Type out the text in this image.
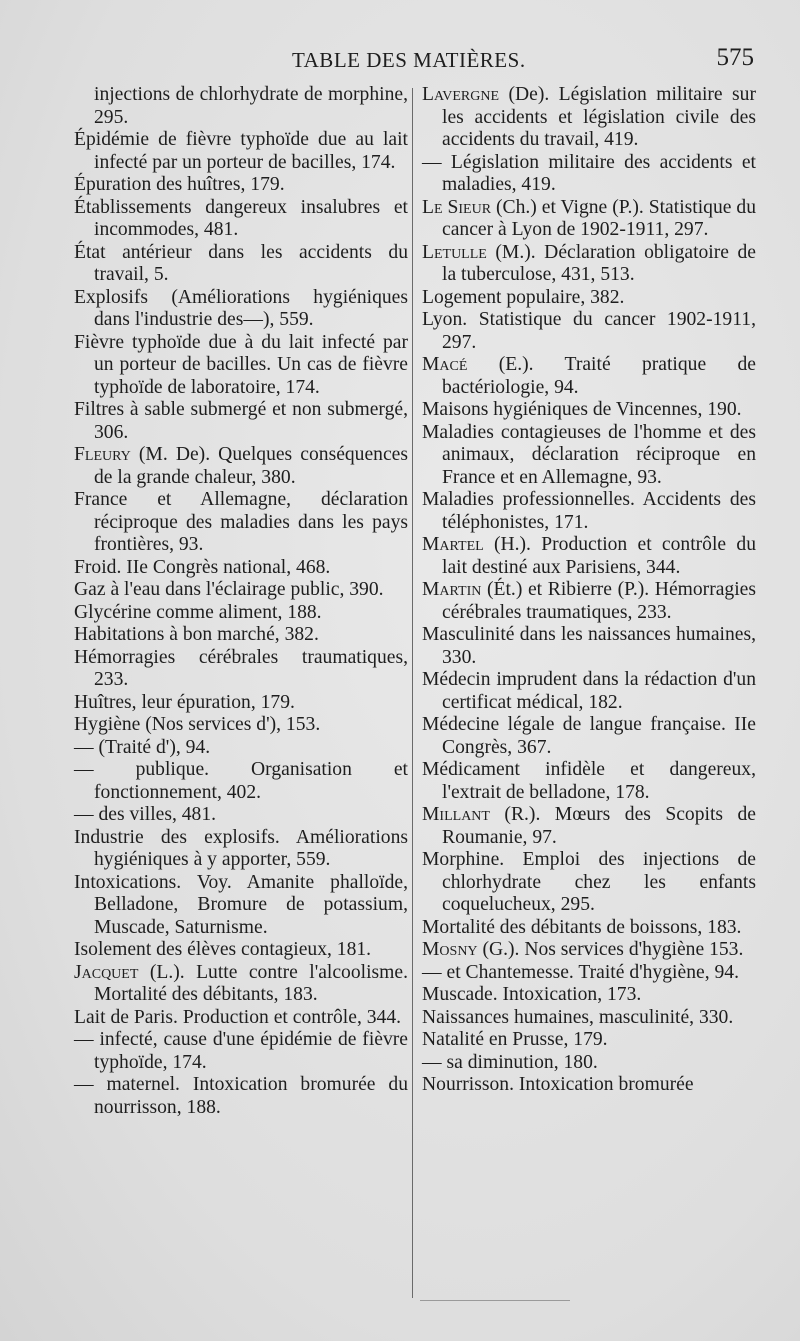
TABLE DES MATIÈRES.	575

injections de chlorhydrate de morphine, 295.

Épidémie de fièvre typhoïde due au lait infecté par un porteur de bacilles, 174.

Épuration des huîtres, 179.

Établissements dangereux insalubres et incommodes, 481.

État antérieur dans les accidents du travail, 5.

Explosifs (Améliorations hygiéniques dans l'industrie des—), 559.

Fièvre typhoïde due à du lait infecté par un porteur de bacilles. Un cas de fièvre typhoïde de laboratoire, 174.

Filtres à sable submergé et non submergé, 306.

Fleury (M. De). Quelques conséquences de la grande chaleur, 380.

France et Allemagne, déclaration réciproque des maladies dans les pays frontières, 93.

Froid. IIe Congrès national, 468.

Gaz à l'eau dans l'éclairage public, 390.

Glycérine comme aliment, 188.

Habitations à bon marché, 382.

Hémorragies cérébrales traumatiques, 233.

Huîtres, leur épuration, 179.

Hygiène (Nos services d'), 153.

— (Traité d'), 94.

— publique. Organisation et fonctionnement, 402.

— des villes, 481.

Industrie des explosifs. Améliorations hygiéniques à y apporter, 559.

Intoxications. Voy. Amanite phalloïde, Belladone, Bromure de potassium, Muscade, Saturnisme.

Isolement des élèves contagieux, 181.

Jacquet (L.). Lutte contre l'alcoolisme. Mortalité des débitants, 183.

Lait de Paris. Production et contrôle, 344.

— infecté, cause d'une épidémie de fièvre typhoïde, 174.

— maternel. Intoxication bromurée du nourrisson, 188.

Lavergne (De). Législation militaire sur les accidents et législation civile des accidents du travail, 419.

— Législation militaire des accidents et maladies, 419.

Le Sieur (Ch.) et Vigne (P.). Statistique du cancer à Lyon de 1902-1911, 297.

Letulle (M.). Déclaration obligatoire de la tuberculose, 431, 513.

Logement populaire, 382.

Lyon. Statistique du cancer 1902-1911, 297.

Macé (E.). Traité pratique de bactériologie, 94.

Maisons hygiéniques de Vincennes, 190.

Maladies contagieuses de l'homme et des animaux, déclaration réciproque en France et en Allemagne, 93.

Maladies professionnelles. Accidents des téléphonistes, 171.

Martel (H.). Production et contrôle du lait destiné aux Parisiens, 344.

Martin (Ét.) et Ribierre (P.). Hémorragies cérébrales traumatiques, 233.

Masculinité dans les naissances humaines, 330.

Médecin imprudent dans la rédaction d'un certificat médical, 182.

Médecine légale de langue française. IIe Congrès, 367.

Médicament infidèle et dangereux, l'extrait de belladone, 178.

Millant (R.). Mœurs des Scopits de Roumanie, 97.

Morphine. Emploi des injections de chlorhydrate chez les enfants coquelucheux, 295.

Mortalité des débitants de boissons, 183.

Mosny (G.). Nos services d'hygiène 153.

— et Chantemesse. Traité d'hygiène, 94.

Muscade. Intoxication, 173.

Naissances humaines, masculinité, 330.

Natalité en Prusse, 179.

— sa diminution, 180.

Nourrisson. Intoxication bromurée
